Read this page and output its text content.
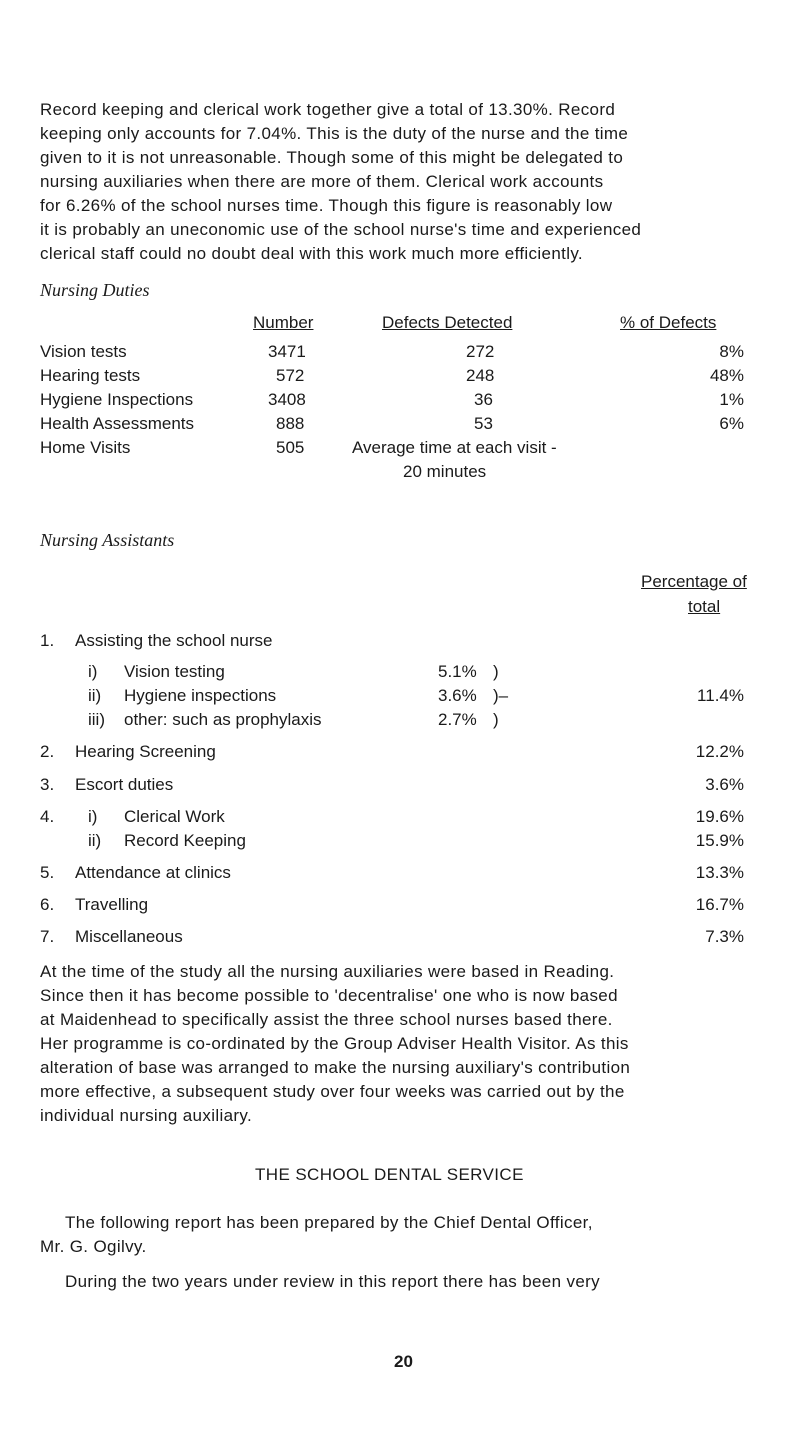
Record keeping and clerical work together give a total of 13.30%. Record
keeping only accounts for 7.04%. This is the duty of the nurse and the time
given to it is not unreasonable. Though some of this might be delegated to
nursing auxiliaries when there are more of them. Clerical work accounts
for 6.26% of the school nurses time. Though this figure is reasonably low
it is probably an uneconomic use of the school nurse's time and experienced
clerical staff could no doubt deal with this work much more efficiently.
Nursing Duties
Number	Defects Detected	% of Defects
Vision tests	3471	272	8%
Hearing tests	572	248	48%
Hygiene Inspections	3408	36	1%
Health Assessments	888	53	6%
Home Visits	505	Average time at each visit -
20 minutes
Nursing Assistants
Percentage of
total
1. Assisting the school nurse
i) Vision testing	5.1% )
ii) Hygiene inspections	3.6% )–	11.4%
iii) other: such as prophylaxis	2.7% )
2. Hearing Screening	12.2%
3. Escort duties	3.6%
4. i) Clerical Work	19.6%
ii) Record Keeping	15.9%
5. Attendance at clinics	13.3%
6. Travelling	16.7%
7. Miscellaneous	7.3%
At the time of the study all the nursing auxiliaries were based in Reading.
Since then it has become possible to 'decentralise' one who is now based
at Maidenhead to specifically assist the three school nurses based there.
Her programme is co-ordinated by the Group Adviser Health Visitor. As this
alteration of base was arranged to make the nursing auxiliary's contribution
more effective, a subsequent study over four weeks was carried out by the
individual nursing auxiliary.
THE SCHOOL DENTAL SERVICE
The following report has been prepared by the Chief Dental Officer,
Mr. G. Ogilvy.
During the two years under review in this report there has been very
20
